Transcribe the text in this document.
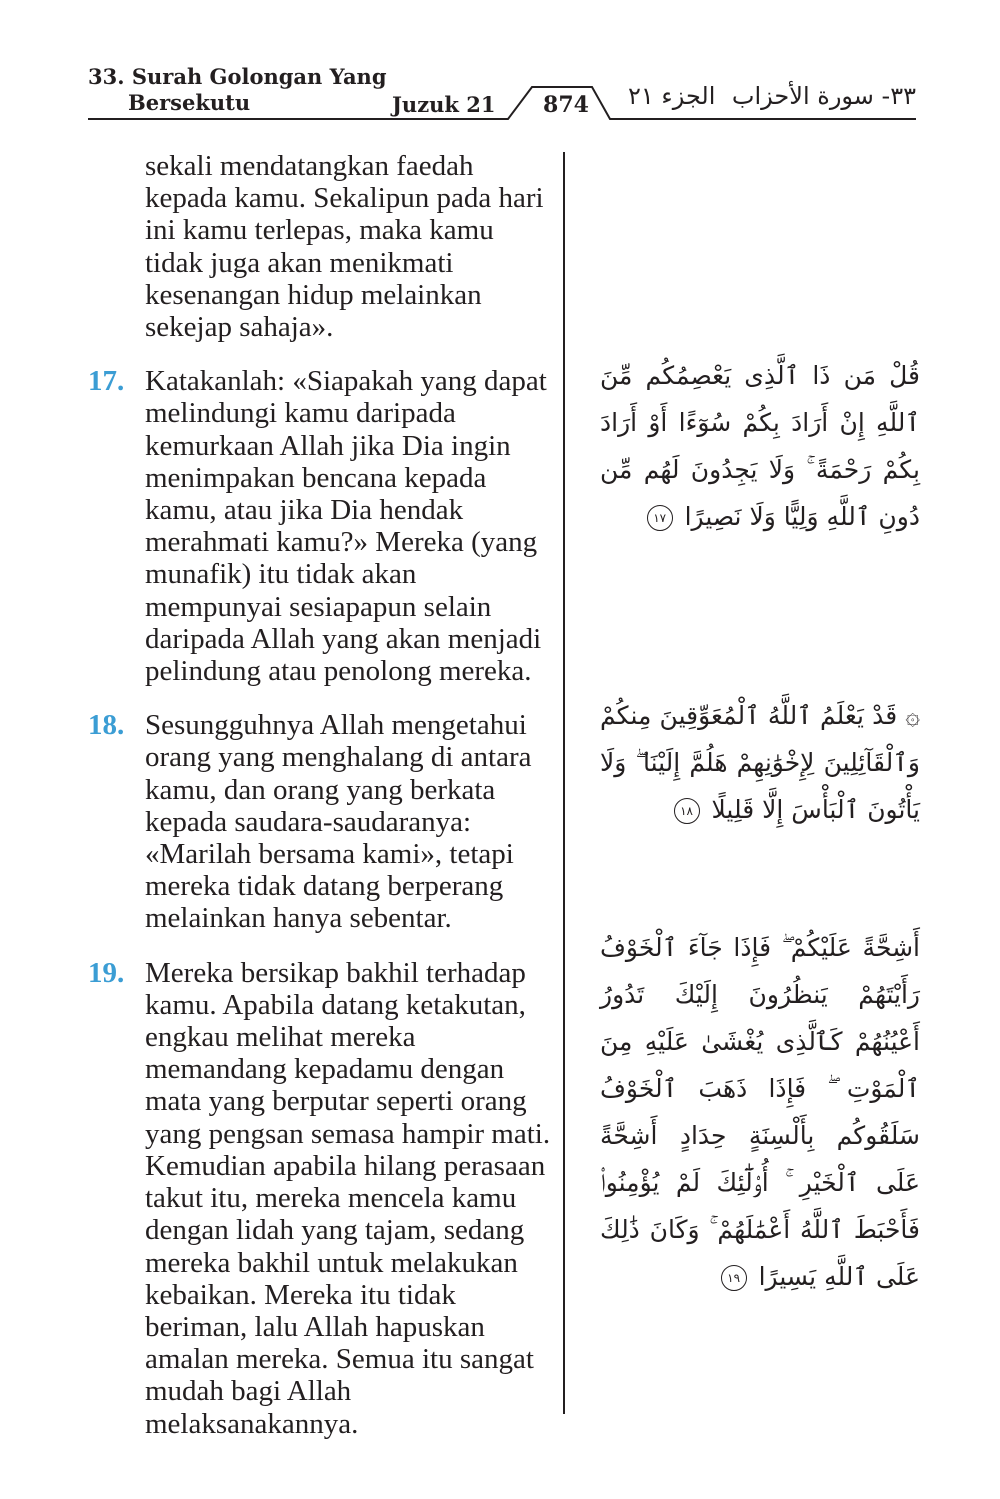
33. Surah Golongan Yang
Bersekutu	Juzuk 21	874	الجزء ٢١ ٣٣- سورة الأحزاب

sekali mendatangkan faedah kepada kamu. Sekalipun pada hari ini kamu terlepas, maka kamu tidak juga akan menikmati kesenangan hidup melainkan sekejap sahaja».

17. Katakanlah: «Siapakah yang dapat melindungi kamu daripada kemurkaan Allah jika Dia ingin menimpakan bencana kepada kamu, atau jika Dia hendak merahmati kamu?» Mereka (yang munafik) itu tidak akan mempunyai sesiapapun selain daripada Allah yang akan menjadi pelindung atau penolong mereka.

18. Sesungguhnya Allah mengetahui orang yang menghalang di antara kamu, dan orang yang berkata kepada saudara-saudaranya: «Marilah bersama kami», tetapi mereka tidak datang berperang melainkan hanya sebentar.

19. Mereka bersikap bakhil terhadap kamu. Apabila datang ketakutan, engkau melihat mereka memandang kepadamu dengan mata yang berputar seperti orang yang pengsan semasa hampir mati. Kemudian apabila hilang perasaan takut itu, mereka mencela kamu dengan lidah yang tajam, sedang mereka bakhil untuk melakukan kebaikan. Mereka itu tidak beriman, lalu Allah hapuskan amalan mereka. Semua itu sangat mudah bagi Allah melaksanakannya.

قُلْ مَن ذَا ٱلَّذِى يَعْصِمُكُم مِّنَ ٱللَّهِ إِنْ أَرَادَ بِكُمْ سُوٓءًا أَوْ أَرَادَ بِكُمْ رَحْمَةً ۚ وَلَا يَجِدُونَ لَهُم مِّن دُونِ ٱللَّهِ وَلِيًّا وَلَا نَصِيرًا ١٧
۞ قَدْ يَعْلَمُ ٱللَّهُ ٱلْمُعَوِّقِينَ مِنكُمْ وَٱلْقَآئِلِينَ لِإِخْوَٰنِهِمْ هَلُمَّ إِلَيْنَا ۖ وَلَا يَأْتُونَ ٱلْبَأْسَ إِلَّا قَلِيلًا ١٨
أَشِحَّةً عَلَيْكُمْ ۖ فَإِذَا جَآءَ ٱلْخَوْفُ رَأَيْتَهُمْ يَنظُرُونَ إِلَيْكَ تَدُورُ أَعْيُنُهُمْ كَٱلَّذِى يُغْشَىٰ عَلَيْهِ مِنَ ٱلْمَوْتِ ۖ فَإِذَا ذَهَبَ ٱلْخَوْفُ سَلَقُوكُم بِأَلْسِنَةٍ حِدَادٍ أَشِحَّةً عَلَى ٱلْخَيْرِ ۚ أُو۟لَٰٓئِكَ لَمْ يُؤْمِنُوا۟ فَأَحْبَطَ ٱللَّهُ أَعْمَٰلَهُمْ ۚ وَكَانَ ذَٰلِكَ عَلَى ٱللَّهِ يَسِيرًا ١٩
